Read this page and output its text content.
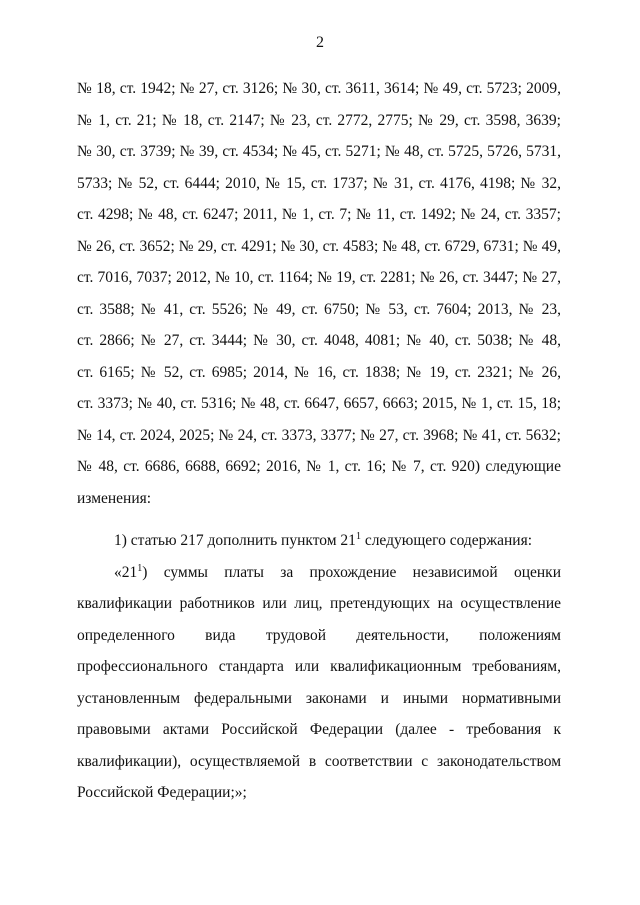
2
№ 18, ст. 1942; № 27, ст. 3126; № 30, ст. 3611, 3614; № 49, ст. 5723; 2009,
№ 1, ст. 21; № 18, ст. 2147; № 23, ст. 2772, 2775; № 29, ст. 3598, 3639;
№ 30, ст. 3739; № 39, ст. 4534; № 45, ст. 5271; № 48, ст. 5725, 5726, 5731,
5733; № 52, ст. 6444; 2010, № 15, ст. 1737; № 31, ст. 4176, 4198; № 32,
ст. 4298; № 48, ст. 6247; 2011, № 1, ст. 7; № 11, ст. 1492; № 24, ст. 3357;
№ 26, ст. 3652; № 29, ст. 4291; № 30, ст. 4583; № 48, ст. 6729, 6731; № 49,
ст. 7016, 7037; 2012, № 10, ст. 1164; № 19, ст. 2281; № 26, ст. 3447; № 27,
ст. 3588; № 41, ст. 5526; № 49, ст. 6750; № 53, ст. 7604; 2013, № 23,
ст. 2866; № 27, ст. 3444; № 30, ст. 4048, 4081; № 40, ст. 5038; № 48,
ст. 6165; № 52, ст. 6985; 2014, № 16, ст. 1838; № 19, ст. 2321; № 26,
ст. 3373; № 40, ст. 5316; № 48, ст. 6647, 6657, 6663; 2015, № 1, ст. 15, 18;
№ 14, ст. 2024, 2025; № 24, ст. 3373, 3377; № 27, ст. 3968; № 41, ст. 5632;
№ 48, ст. 6686, 6688, 6692; 2016, № 1, ст. 16; № 7, ст. 920) следующие
изменения:
1) статью 217 дополнить пунктом $21^1$ следующего содержания:
«$21^1$) суммы платы за прохождение независимой оценки
квалификации работников или лиц, претендующих на осуществление
определенного вида трудовой деятельности, положениям
профессионального стандарта или квалификационным требованиям,
установленным федеральными законами и иными нормативными
правовыми актами Российской Федерации (далее - требования к
квалификации), осуществляемой в соответствии с законодательством
Российской Федерации;»;
